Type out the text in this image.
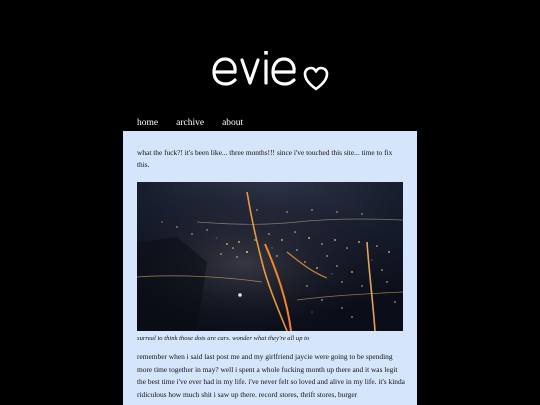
home archive about

what the fuck?! it's been like... three months!!! since i've touched this site... time to fix this.

surreal to think those dots are cars. wonder what they're all up to

remember when i said last post me and my girlfriend jaycie were going to be spending more time together in may? well i spent a whole fucking month up there and it was legit the best time i've ever had in my life. i've never felt so loved and alive in my life. it's kinda ridiculous how much shit i saw up there. record stores, thrift stores, burger
